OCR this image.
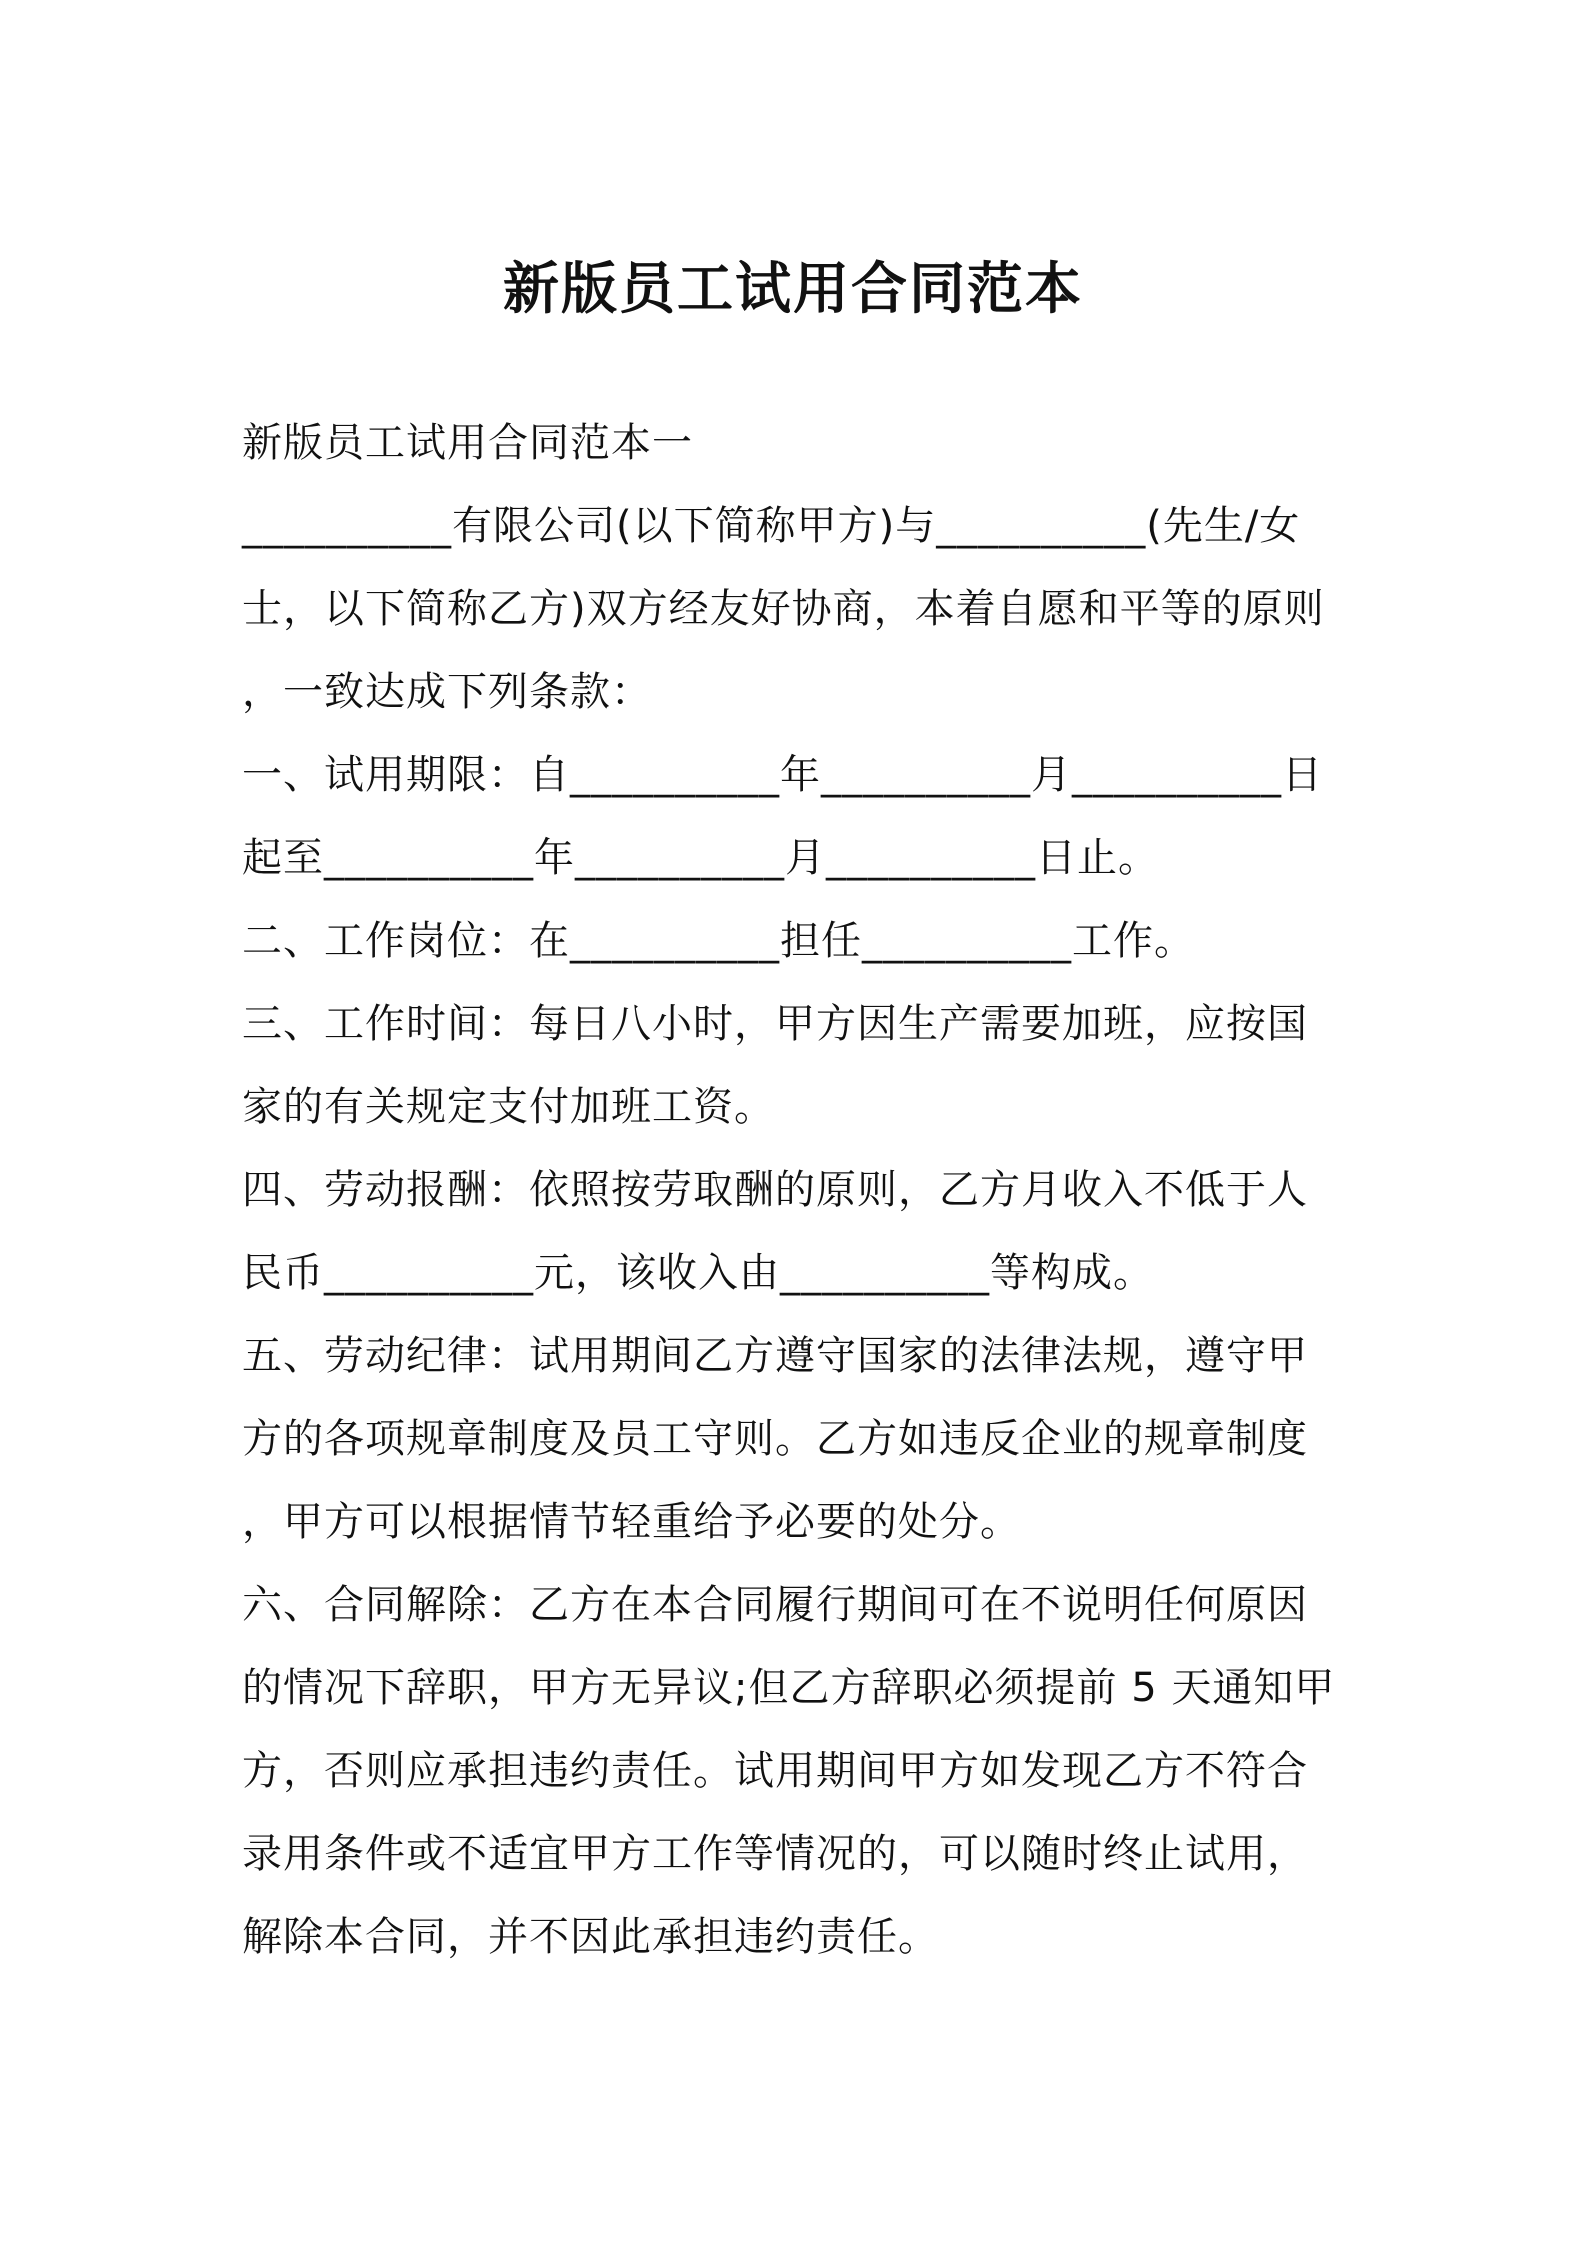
新版员工试用合同范本
新版员工试用合同范本一
__________有限公司(以下简称甲方)与__________(先生/女
士，以下简称乙方)双方经友好协商，本着自愿和平等的原则
，一致达成下列条款：
一、试用期限：自__________年__________月__________日
起至__________年__________月__________日止。
二、工作岗位：在__________担任__________工作。
三、工作时间：每日八小时，甲方因生产需要加班，应按国
家的有关规定支付加班工资。
四、劳动报酬：依照按劳取酬的原则，乙方月收入不低于人
民币__________元，该收入由__________等构成。
五、劳动纪律：试用期间乙方遵守国家的法律法规，遵守甲
方的各项规章制度及员工守则。乙方如违反企业的规章制度
，甲方可以根据情节轻重给予必要的处分。
六、合同解除：乙方在本合同履行期间可在不说明任何原因
的情况下辞职，甲方无异议;但乙方辞职必须提前 5 天通知甲
方，否则应承担违约责任。试用期间甲方如发现乙方不符合
录用条件或不适宜甲方工作等情况的，可以随时终止试用，
解除本合同，并不因此承担违约责任。
